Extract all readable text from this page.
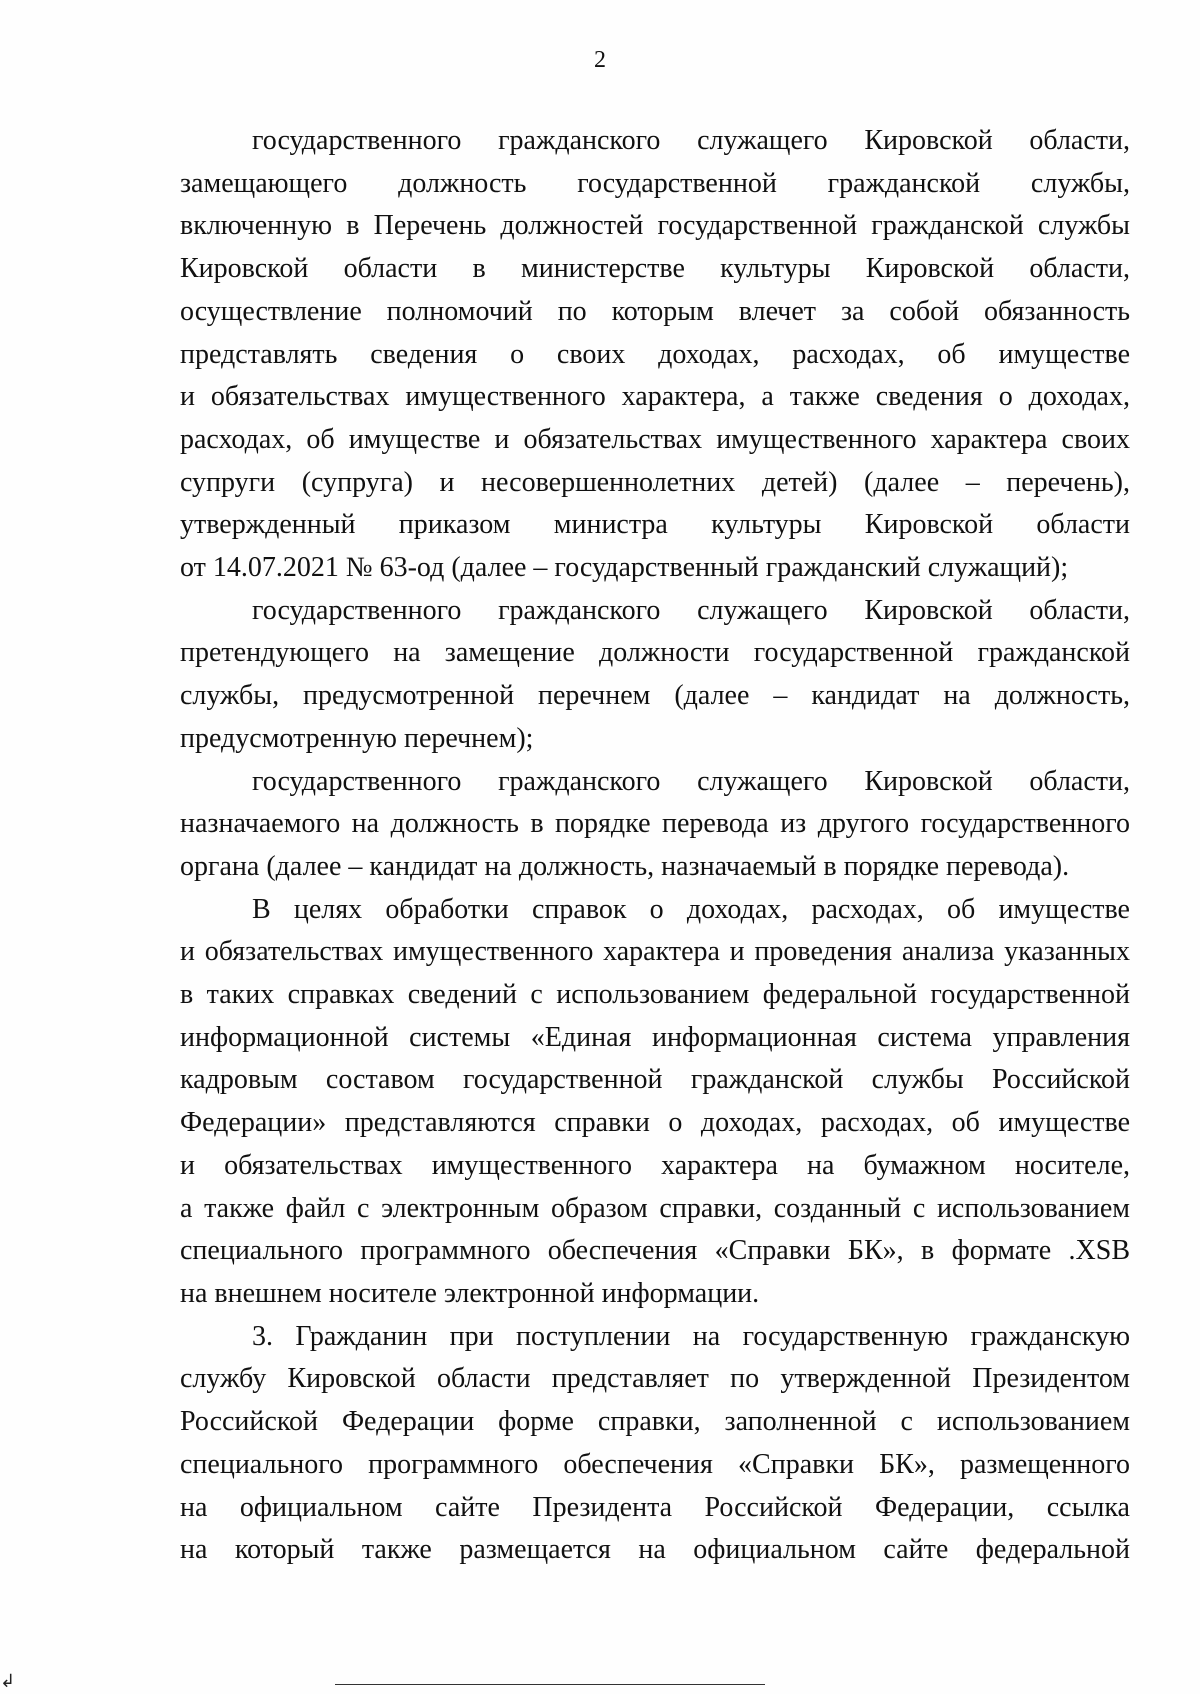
2

государственного гражданского служащего Кировской области,
замещающего должность государственной гражданской службы,
включенную в Перечень должностей государственной гражданской службы
Кировской области в министерстве культуры Кировской области,
осуществление полномочий по которым влечет за собой обязанность
представлять сведения о своих доходах, расходах, об имуществе
и обязательствах имущественного характера, а также сведения о доходах,
расходах, об имуществе и обязательствах имущественного характера своих
супруги (супруга) и несовершеннолетних детей) (далее – перечень),
утвержденный приказом министра культуры Кировской области
от 14.07.2021 № 63-од (далее – государственный гражданский служащий);

государственного гражданского служащего Кировской области,
претендующего на замещение должности государственной гражданской
службы, предусмотренной перечнем (далее – кандидат на должность,
предусмотренную перечнем);

государственного гражданского служащего Кировской области,
назначаемого на должность в порядке перевода из другого государственного
органа (далее – кандидат на должность, назначаемый в порядке перевода).

В целях обработки справок о доходах, расходах, об имуществе
и обязательствах имущественного характера и проведения анализа указанных
в таких справках сведений с использованием федеральной государственной
информационной системы «Единая информационная система управления
кадровым составом государственной гражданской службы Российской
Федерации» представляются справки о доходах, расходах, об имуществе
и обязательствах имущественного характера на бумажном носителе,
а также файл с электронным образом справки, созданный с использованием
специального программного обеспечения «Справки БК», в формате .XSB
на внешнем носителе электронной информации.

3. Гражданин при поступлении на государственную гражданскую
службу Кировской области представляет по утвержденной Президентом
Российской Федерации форме справки, заполненной с использованием
специального программного обеспечения «Справки БК», размещенного
на официальном сайте Президента Российской Федерации, ссылка
на который также размещается на официальном сайте федеральной

↲
